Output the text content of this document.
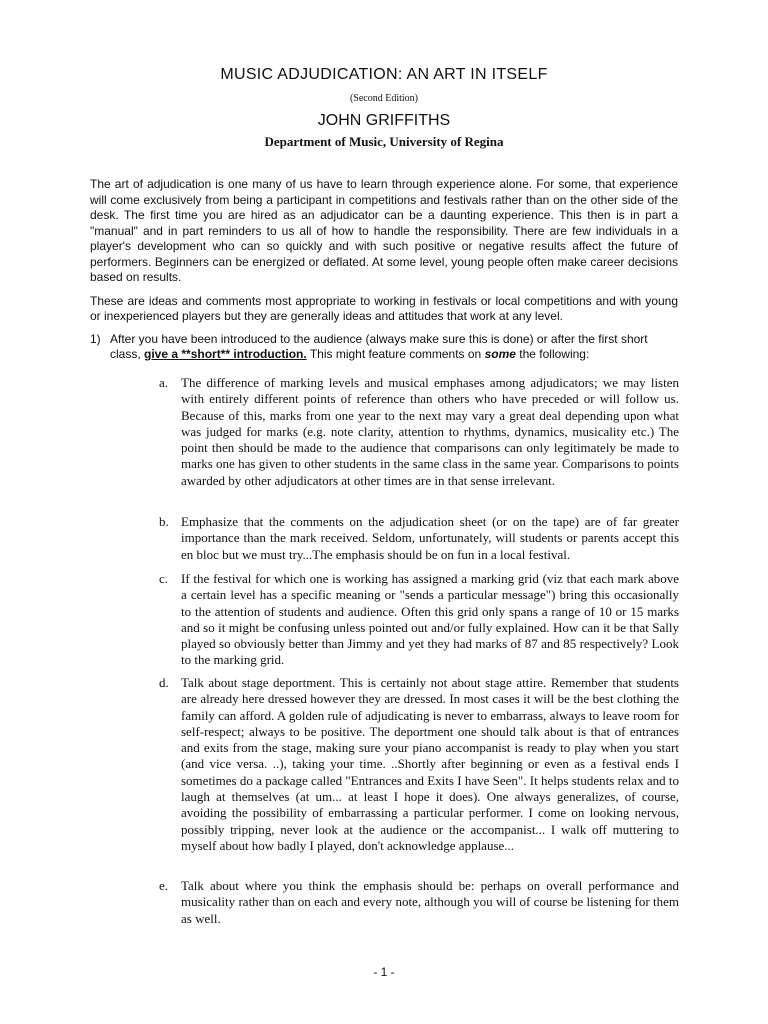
MUSIC ADJUDICATION: AN ART IN ITSELF
(Second Edition)
JOHN GRIFFITHS
Department of Music, University of Regina

The art of adjudication is one many of us have to learn through experience alone. For some, that experience will come exclusively from being a participant in competitions and festivals rather than on the other side of the desk. The first time you are hired as an adjudicator can be a daunting experience. This then is in part a "manual" and in part reminders to us all of how to handle the responsibility. There are few individuals in a player's development who can so quickly and with such positive or negative results affect the future of performers. Beginners can be energized or deflated. At some level, young people often make career decisions based on results.

These are ideas and comments most appropriate to working in festivals or local competitions and with young or inexperienced players but they are generally ideas and attitudes that work at any level.

1) After you have been introduced to the audience (always make sure this is done) or after the first short class, give a **short** introduction. This might feature comments on some the following:
a. The difference of marking levels and musical emphases among adjudicators; we may listen with entirely different points of reference than others who have preceded or will follow us. Because of this, marks from one year to the next may vary a great deal depending upon what was judged for marks (e.g. note clarity, attention to rhythms, dynamics, musicality etc.) The point then should be made to the audience that comparisons can only legitimately be made to marks one has given to other students in the same class in the same year. Comparisons to points awarded by other adjudicators at other times are in that sense irrelevant.
b. Emphasize that the comments on the adjudication sheet (or on the tape) are of far greater importance than the mark received. Seldom, unfortunately, will students or parents accept this en bloc but we must try...The emphasis should be on fun in a local festival.
c. If the festival for which one is working has assigned a marking grid (viz that each mark above a certain level has a specific meaning or "sends a particular message") bring this occasionally to the attention of students and audience. Often this grid only spans a range of 10 or 15 marks and so it might be confusing unless pointed out and/or fully explained. How can it be that Sally played so obviously better than Jimmy and yet they had marks of 87 and 85 respectively? Look to the marking grid.
d. Talk about stage deportment. This is certainly not about stage attire. Remember that students are already here dressed however they are dressed. In most cases it will be the best clothing the family can afford. A golden rule of adjudicating is never to embarrass, always to leave room for self-respect; always to be positive. The deportment one should talk about is that of entrances and exits from the stage, making sure your piano accompanist is ready to play when you start (and vice versa. ..), taking your time. ..Shortly after beginning or even as a festival ends I sometimes do a package called "Entrances and Exits I have Seen". It helps students relax and to laugh at themselves (at um... at least I hope it does). One always generalizes, of course, avoiding the possibility of embarrassing a particular performer. I come on looking nervous, possibly tripping, never look at the audience or the accompanist... I walk off muttering to myself about how badly I played, don't acknowledge applause...
e. Talk about where you think the emphasis should be: perhaps on overall performance and musicality rather than on each and every note, although you will of course be listening for them as well.
- 1 -
